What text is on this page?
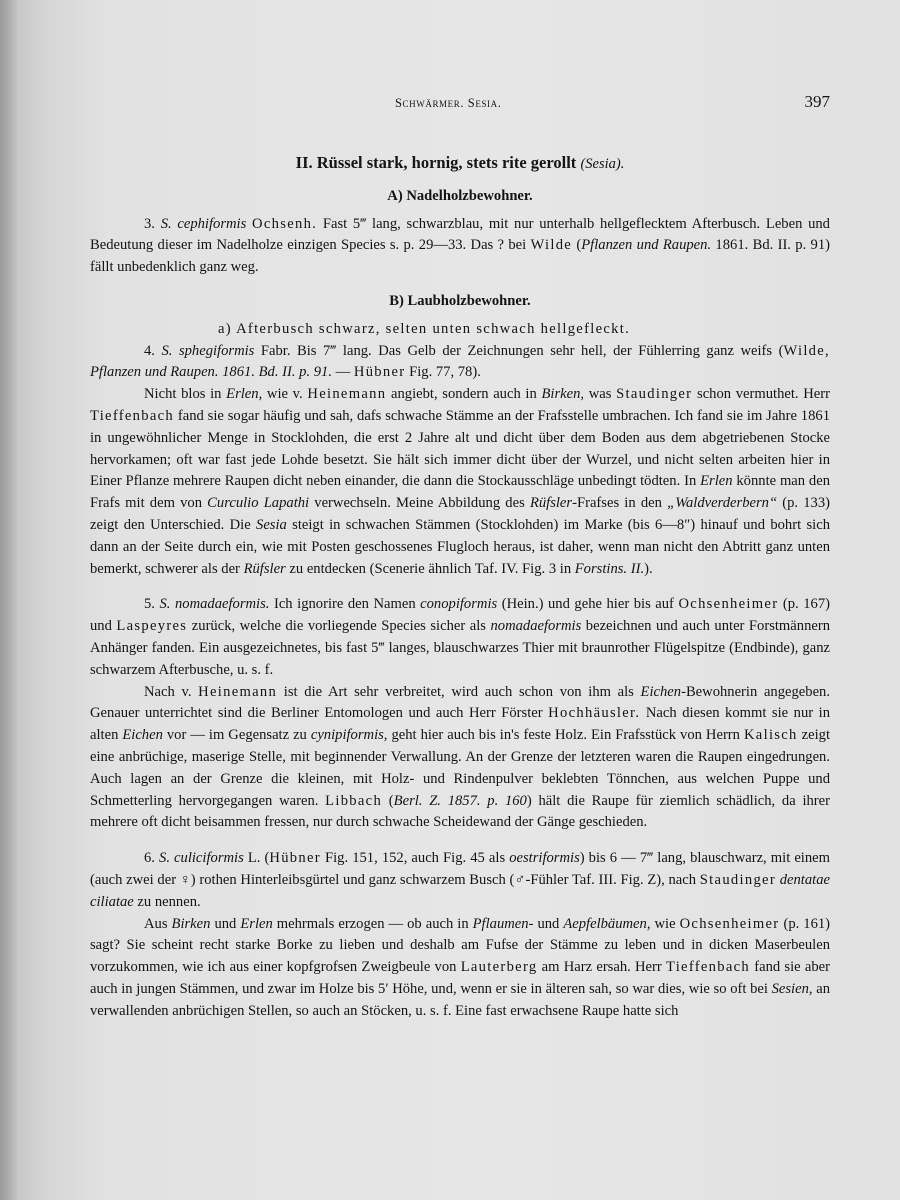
Schwärmer. Sesia.	397
II. Rüssel stark, hornig, stets rite gerollt (Sesia).
A) Nadelholzbewohner.

3. S. cephiformis Ochsenh. Fast 5‴ lang, schwarzblau, mit nur unterhalb hellgeflecktem Afterbusch. Leben und Bedeutung dieser im Nadelholze einzigen Species s. p. 29—33. Das ? bei Wilde (Pflanzen und Raupen. 1861. Bd. II. p. 91) fällt unbedenklich ganz weg.

B) Laubholzbewohner.

a) Afterbusch schwarz, selten unten schwach hellgefleckt.

4. S. sphegiformis Fabr. Bis 7‴ lang. Das Gelb der Zeichnungen sehr hell, der Fühlerring ganz weifs (Wilde, Pflanzen und Raupen. 1861. Bd. II. p. 91. — Hübner Fig. 77, 78).

Nicht blos in Erlen, wie v. Heinemann angiebt, sondern auch in Birken, was Staudinger schon vermuthet. Herr Tieffenbach fand sie sogar häufig und sah, dafs schwache Stämme an der Frafsstelle umbrachen. Ich fand sie im Jahre 1861 in ungewöhnlicher Menge in Stocklohden, die erst 2 Jahre alt und dicht über dem Boden aus dem abgetriebenen Stocke hervorkamen; oft war fast jede Lohde besetzt. Sie hält sich immer dicht über der Wurzel, und nicht selten arbeiten hier in Einer Pflanze mehrere Raupen dicht neben einander, die dann die Stockausschläge unbedingt tödten. In Erlen könnte man den Frafs mit dem von Curculio Lapathi verwechseln. Meine Abbildung des Rüfsler-Frafses in den „Waldverderbern“ (p. 133) zeigt den Unterschied. Die Sesia steigt in schwachen Stämmen (Stocklohden) im Marke (bis 6—8″) hinauf und bohrt sich dann an der Seite durch ein, wie mit Posten geschossenes Flugloch heraus, ist daher, wenn man nicht den Abtritt ganz unten bemerkt, schwerer als der Rüfsler zu entdecken (Scenerie ähnlich Taf. IV. Fig. 3 in Forstins. II.).

5. S. nomadaeformis. Ich ignorire den Namen conopiformis (Hein.) und gehe hier bis auf Ochsenheimer (p. 167) und Laspeyres zurück, welche die vorliegende Species sicher als nomadaeformis bezeichnen und auch unter Forstmännern Anhänger fanden. Ein ausgezeichnetes, bis fast 5‴ langes, blauschwarzes Thier mit braunrother Flügelspitze (Endbinde), ganz schwarzem Afterbusche, u. s. f.

Nach v. Heinemann ist die Art sehr verbreitet, wird auch schon von ihm als Eichen-Bewohnerin angegeben. Genauer unterrichtet sind die Berliner Entomologen und auch Herr Förster Hochhäusler. Nach diesen kommt sie nur in alten Eichen vor — im Gegensatz zu cynipiformis, geht hier auch bis in's feste Holz. Ein Frafsstück von Herrn Kalisch zeigt eine anbrüchige, maserige Stelle, mit beginnender Verwallung. An der Grenze der letzteren waren die Raupen eingedrungen. Auch lagen an der Grenze die kleinen, mit Holz- und Rindenpulver beklebten Tönnchen, aus welchen Puppe und Schmetterling hervorgegangen waren. Libbach (Berl. Z. 1857. p. 160) hält die Raupe für ziemlich schädlich, da ihrer mehrere oft dicht beisammen fressen, nur durch schwache Scheidewand der Gänge geschieden.

6. S. culiciformis L. (Hübner Fig. 151, 152, auch Fig. 45 als oestriformis) bis 6 — 7‴ lang, blauschwarz, mit einem (auch zwei der ♀) rothen Hinterleibsgürtel und ganz schwarzem Busch (♂-Fühler Taf. III. Fig. Z), nach Staudinger dentatae ciliatae zu nennen.

Aus Birken und Erlen mehrmals erzogen — ob auch in Pflaumen- und Aepfelbäumen, wie Ochsenheimer (p. 161) sagt? Sie scheint recht starke Borke zu lieben und deshalb am Fufse der Stämme zu leben und in dicken Maserbeulen vorzukommen, wie ich aus einer kopfgrofsen Zweigbeule von Lauterberg am Harz ersah. Herr Tieffenbach fand sie aber auch in jungen Stämmen, und zwar im Holze bis 5′ Höhe, und, wenn er sie in älteren sah, so war dies, wie so oft bei Sesien, an verwallenden anbrüchigen Stellen, so auch an Stöcken, u. s. f. Eine fast erwachsene Raupe hatte sich
